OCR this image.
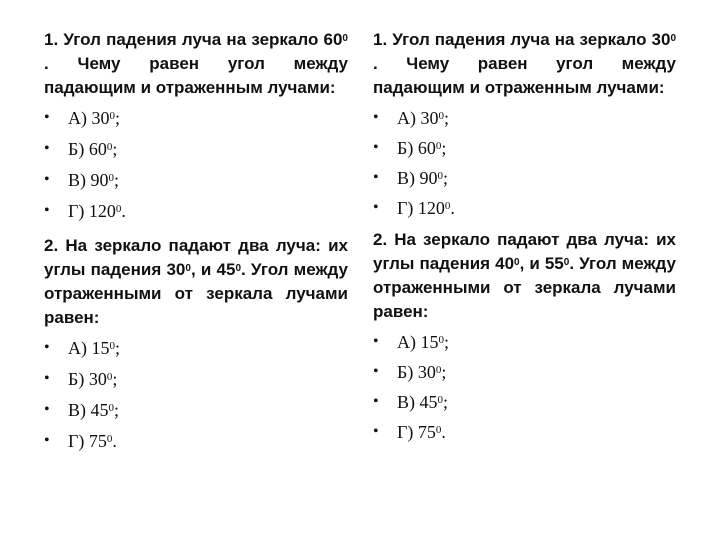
1. Угол падения луча на зеркало $60^0$ . Чему равен угол между падающим и отраженным лучами:

• А) $30^0$;
• Б) $60^0$;
• В) $90^0$;
• Г) $120^0$.

2. На зеркало падают два луча: их углы падения $30^0$, и $45^0$. Угол между отраженными от зеркала лучами равен:

• А) $15^0$;
• Б) $30^0$;
• В) $45^0$;
• Г) $75^0$.

1. Угол падения луча на зеркало $30^0$ . Чему равен угол между падающим и отраженным лучами:

• А) $30^0$;
• Б) $60^0$;
• В) $90^0$;
• Г) $120^0$.

2. На зеркало падают два луча: их углы падения $40^0$, и $55^0$. Угол между отраженными от зеркала лучами равен:

• А) $15^0$;
• Б) $30^0$;
• В) $45^0$;
• Г) $75^0$.
